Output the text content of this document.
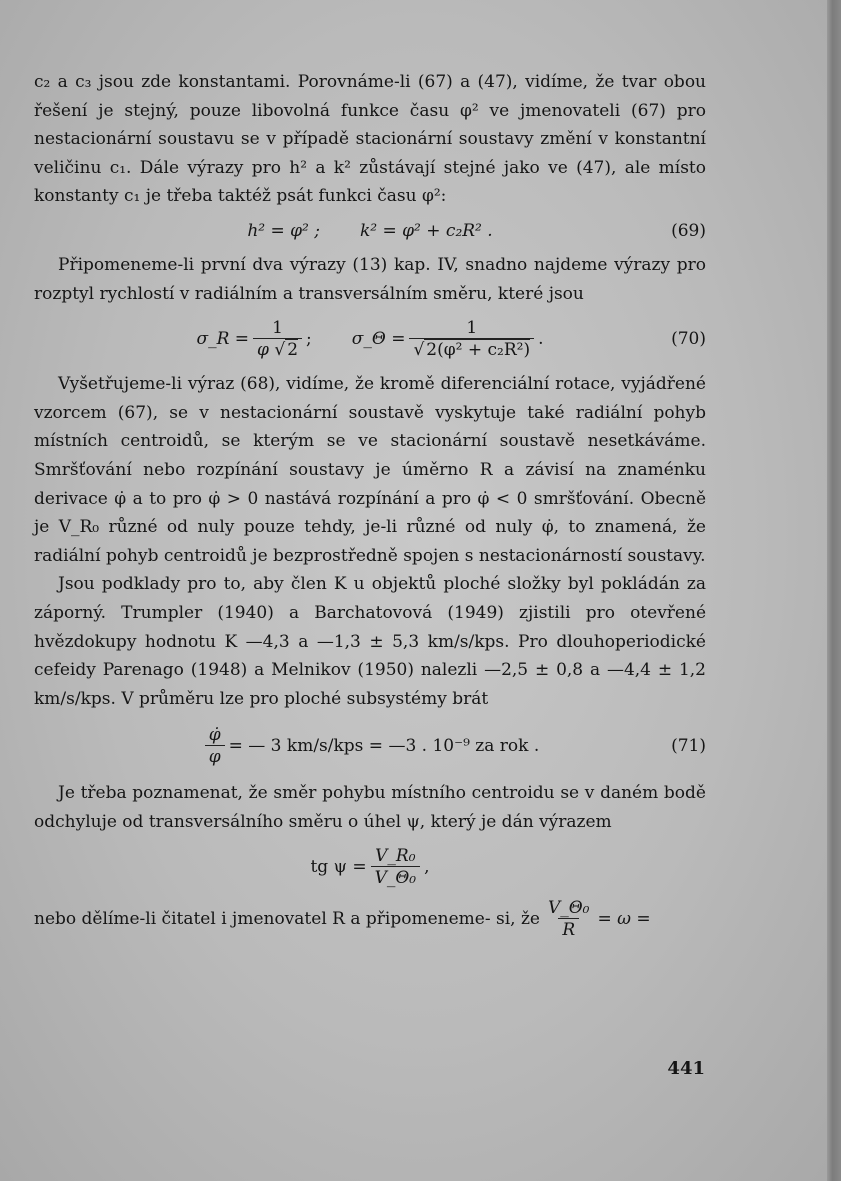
c₂ a c₃ jsou zde konstantami. Porovnáme-li (67) a (47), vidíme, že tvar obou řešení je stejný, pouze libovolná funkce času φ² ve jmenovateli (67) pro nestacionární soustavu se v případě stacionární soustavy změní v konstantní veličinu c₁. Dále výrazy pro h² a k² zůstávají stejné jako ve (47), ale místo konstanty c₁ je třeba taktéž psát funkci času φ²:

h² = φ² ; k² = φ² + c₂R² .	(69)

Připomeneme-li první dva výrazy (13) kap. IV, snadno najdeme výrazy pro rozptyl rychlostí v radiálním a transversálním směru, které jsou

σ_R = $\frac{1}{\varphi √ 2}$ ; σ_Θ = $\frac{1}{\text{√ 2(φ² + c₂R²)}}$ .	(70)

Vyšetřujeme-li výraz (68), vidíme, že kromě diferenciální rotace, vyjádřené vzorcem (67), se v nestacionární soustavě vyskytuje také radiální pohyb místních centroidů, se kterým se ve stacionární soustavě nesetkáváme. Smršťování nebo rozpínání soustavy je úměrno R a závisí na znaménku derivace φ̇ a to pro φ̇ > 0 nastává rozpínání a pro φ̇ < 0 smršťování. Obecně je V_R₀ různé od nuly pouze tehdy, je-li různé od nuly φ̇, to znamená, že radiální pohyb centroidů je bezprostředně spojen s nestacionárností soustavy.

Jsou podklady pro to, aby člen K u objektů ploché složky byl pokládán za záporný. Trumpler (1940) a Barchatovová (1949) zjistili pro otevřené hvězdokupy hodnotu K —4,3 a —1,3 ± 5,3 km/s/kps. Pro dlouhoperiodické cefeidy Parenago (1948) a Melnikov (1950) nalezli —2,5 ± 0,8 a —4,4 ± 1,2 km/s/kps. V průměru lze pro ploché subsystémy brát

$\frac{\varphi̇}{\varphi}$ = — 3 km/s/kps = —3 . 10⁻⁹ za rok .	(71)

Je třeba poznamenat, že směr pohybu místního centroidu se v daném bodě odchyluje od transversálního směru o úhel ψ, který je dán výrazem

tg $\psi = \frac{\text{V\_R₀}}{\text{V\_Θ₀}}$ ,

nebo dělíme-li čitatel i jmenovatel R a připomeneme- si, že $\frac{\text{V\_Θ₀}}{R} = \omega$ =

441
